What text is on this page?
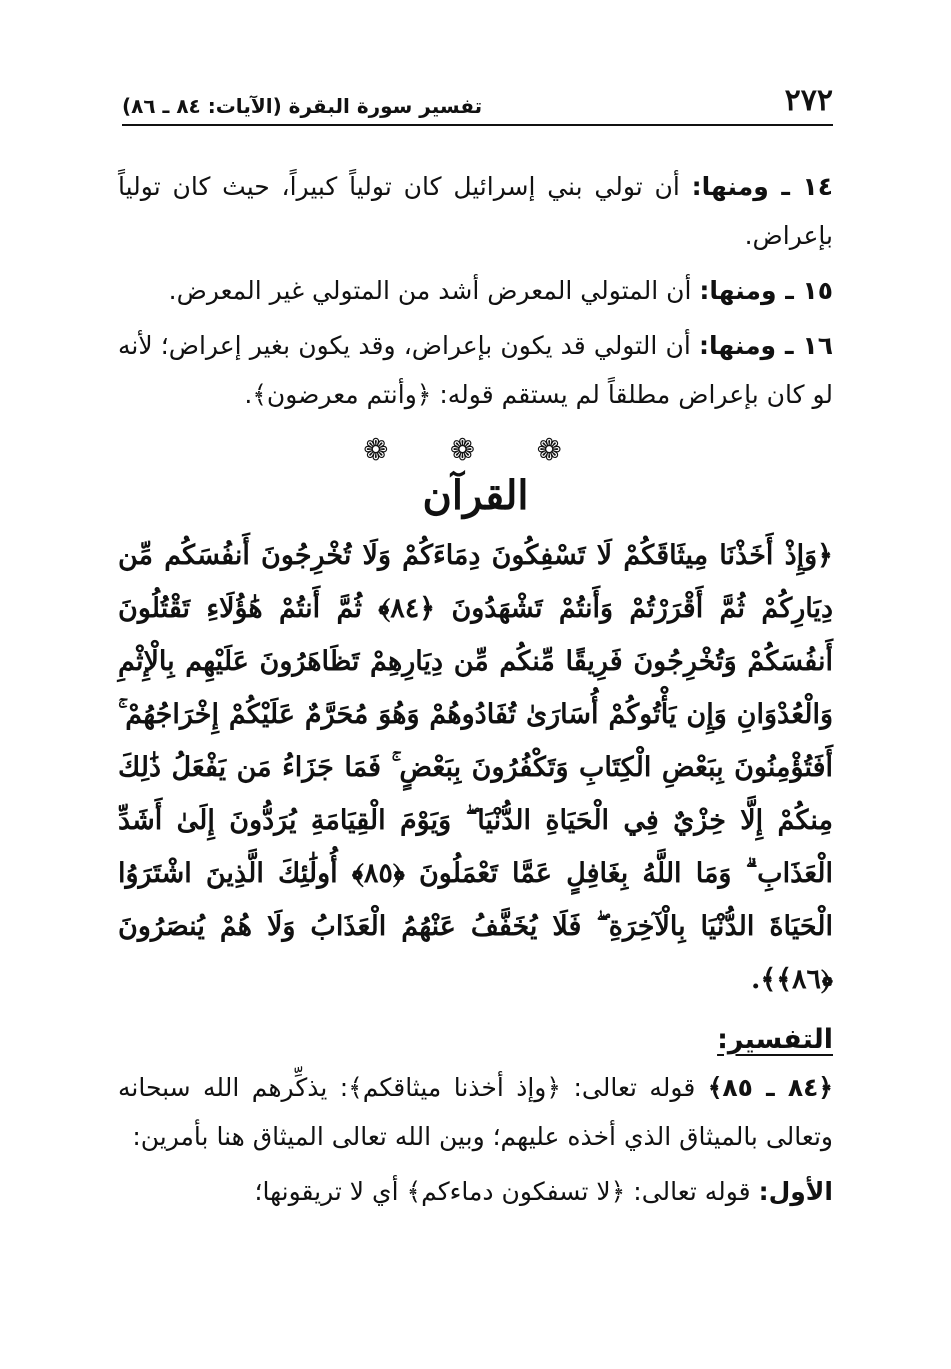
٢٧٢
تفسير سورة البقرة (الآيات: ٨٤ ـ ٨٦)

١٤ ـ ومنها: أن تولي بني إسرائيل كان تولياً كبيراً، حيث كان تولياً بإعراض.

١٥ ـ ومنها: أن المتولي المعرض أشد من المتولي غير المعرض.

١٦ ـ ومنها: أن التولي قد يكون بإعراض، وقد يكون بغير إعراض؛ لأنه لو كان بإعراض مطلقاً لم يستقم قوله: ﴿وأنتم معرضون﴾.

❁ ❁ ❁
القرآن

﴿وَإِذْ أَخَذْنَا مِيثَاقَكُمْ لَا تَسْفِكُونَ دِمَاءَكُمْ وَلَا تُخْرِجُونَ أَنفُسَكُم مِّن دِيَارِكُمْ ثُمَّ أَقْرَرْتُمْ وَأَنتُمْ تَشْهَدُونَ ﴿٨٤﴾ ثُمَّ أَنتُمْ هَٰؤُلَاءِ تَقْتُلُونَ أَنفُسَكُمْ وَتُخْرِجُونَ فَرِيقًا مِّنكُم مِّن دِيَارِهِمْ تَظَاهَرُونَ عَلَيْهِم بِالْإِثْمِ وَالْعُدْوَانِ وَإِن يَأْتُوكُمْ أُسَارَىٰ تُفَادُوهُمْ وَهُوَ مُحَرَّمٌ عَلَيْكُمْ إِخْرَاجُهُمْ ۚ أَفَتُؤْمِنُونَ بِبَعْضِ الْكِتَابِ وَتَكْفُرُونَ بِبَعْضٍ ۚ فَمَا جَزَاءُ مَن يَفْعَلُ ذَٰلِكَ مِنكُمْ إِلَّا خِزْيٌ فِي الْحَيَاةِ الدُّنْيَا ۖ وَيَوْمَ الْقِيَامَةِ يُرَدُّونَ إِلَىٰ أَشَدِّ الْعَذَابِ ۗ وَمَا اللَّهُ بِغَافِلٍ عَمَّا تَعْمَلُونَ ﴿٨٥﴾ أُولَٰئِكَ الَّذِينَ اشْتَرَوُا الْحَيَاةَ الدُّنْيَا بِالْآخِرَةِ ۖ فَلَا يُخَفَّفُ عَنْهُمُ الْعَذَابُ وَلَا هُمْ يُنصَرُونَ ﴿٨٦﴾﴾.

التفسير:

﴿٨٤ ـ ٨٥﴾ قوله تعالى: ﴿وإذ أخذنا ميثاقكم﴾: يذكِّرهم الله سبحانه وتعالى بالميثاق الذي أخذه عليهم؛ وبين الله تعالى الميثاق هنا بأمرين:

الأول: قوله تعالى: ﴿لا تسفكون دماءكم﴾ أي لا تريقونها؛
